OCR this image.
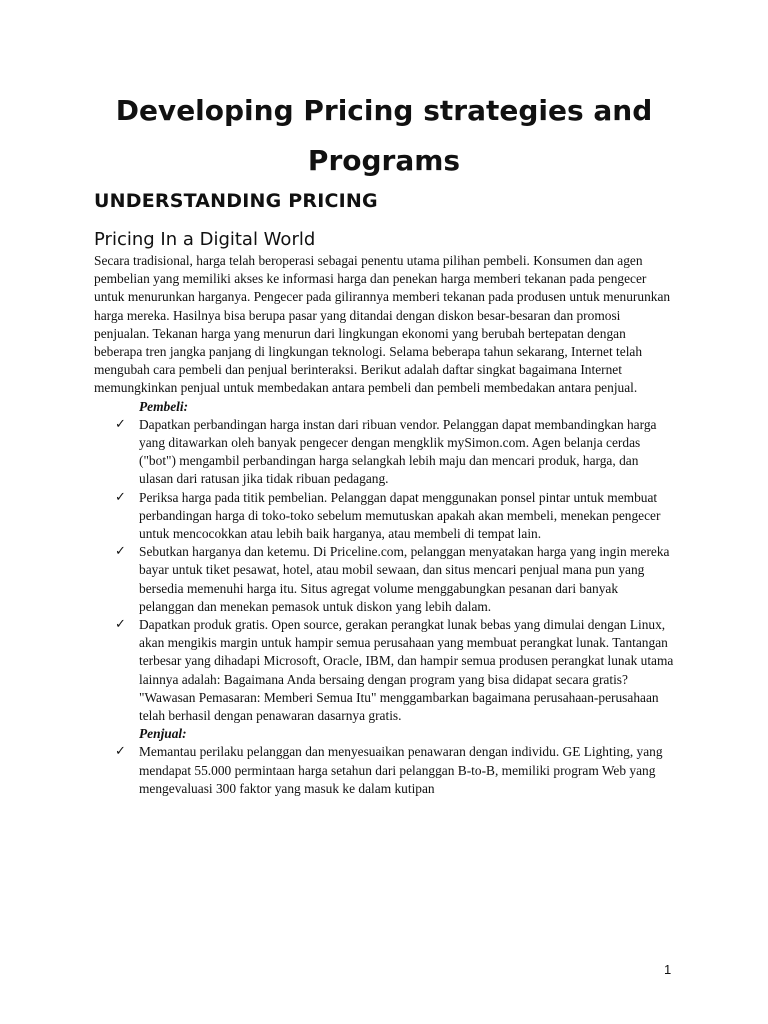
Developing Pricing strategies and Programs
UNDERSTANDING PRICING
Pricing In a Digital World

Secara tradisional, harga telah beroperasi sebagai penentu utama pilihan pembeli. Konsumen dan agen pembelian yang memiliki akses ke informasi harga dan penekan harga memberi tekanan pada pengecer untuk menurunkan harganya. Pengecer pada gilirannya memberi tekanan pada produsen untuk menurunkan harga mereka. Hasilnya bisa berupa pasar yang ditandai dengan diskon besar-besaran dan promosi penjualan. Tekanan harga yang menurun dari lingkungan ekonomi yang berubah bertepatan dengan beberapa tren jangka panjang di lingkungan teknologi. Selama beberapa tahun sekarang, Internet telah mengubah cara pembeli dan penjual berinteraksi. Berikut adalah daftar singkat bagaimana Internet memungkinkan penjual untuk membedakan antara pembeli dan pembeli membedakan antara penjual.

Pembeli:

✓ Dapatkan perbandingan harga instan dari ribuan vendor. Pelanggan dapat membandingkan harga yang ditawarkan oleh banyak pengecer dengan mengklik mySimon.com. Agen belanja cerdas ("bot") mengambil perbandingan harga selangkah lebih maju dan mencari produk, harga, dan ulasan dari ratusan jika tidak ribuan pedagang.
✓ Periksa harga pada titik pembelian. Pelanggan dapat menggunakan ponsel pintar untuk membuat perbandingan harga di toko-toko sebelum memutuskan apakah akan membeli, menekan pengecer untuk mencocokkan atau lebih baik harganya, atau membeli di tempat lain.
✓ Sebutkan harganya dan ketemu. Di Priceline.com, pelanggan menyatakan harga yang ingin mereka bayar untuk tiket pesawat, hotel, atau mobil sewaan, dan situs mencari penjual mana pun yang bersedia memenuhi harga itu. Situs agregat volume menggabungkan pesanan dari banyak pelanggan dan menekan pemasok untuk diskon yang lebih dalam.
✓ Dapatkan produk gratis. Open source, gerakan perangkat lunak bebas yang dimulai dengan Linux, akan mengikis margin untuk hampir semua perusahaan yang membuat perangkat lunak. Tantangan terbesar yang dihadapi Microsoft, Oracle, IBM, dan hampir semua produsen perangkat lunak utama lainnya adalah: Bagaimana Anda bersaing dengan program yang bisa didapat secara gratis? "Wawasan Pemasaran: Memberi Semua Itu" menggambarkan bagaimana perusahaan-perusahaan telah berhasil dengan penawaran dasarnya gratis.

Penjual:

✓ Memantau perilaku pelanggan dan menyesuaikan penawaran dengan individu. GE Lighting, yang mendapat 55.000 permintaan harga setahun dari pelanggan B-to-B, memiliki program Web yang mengevaluasi 300 faktor yang masuk ke dalam kutipan
1
